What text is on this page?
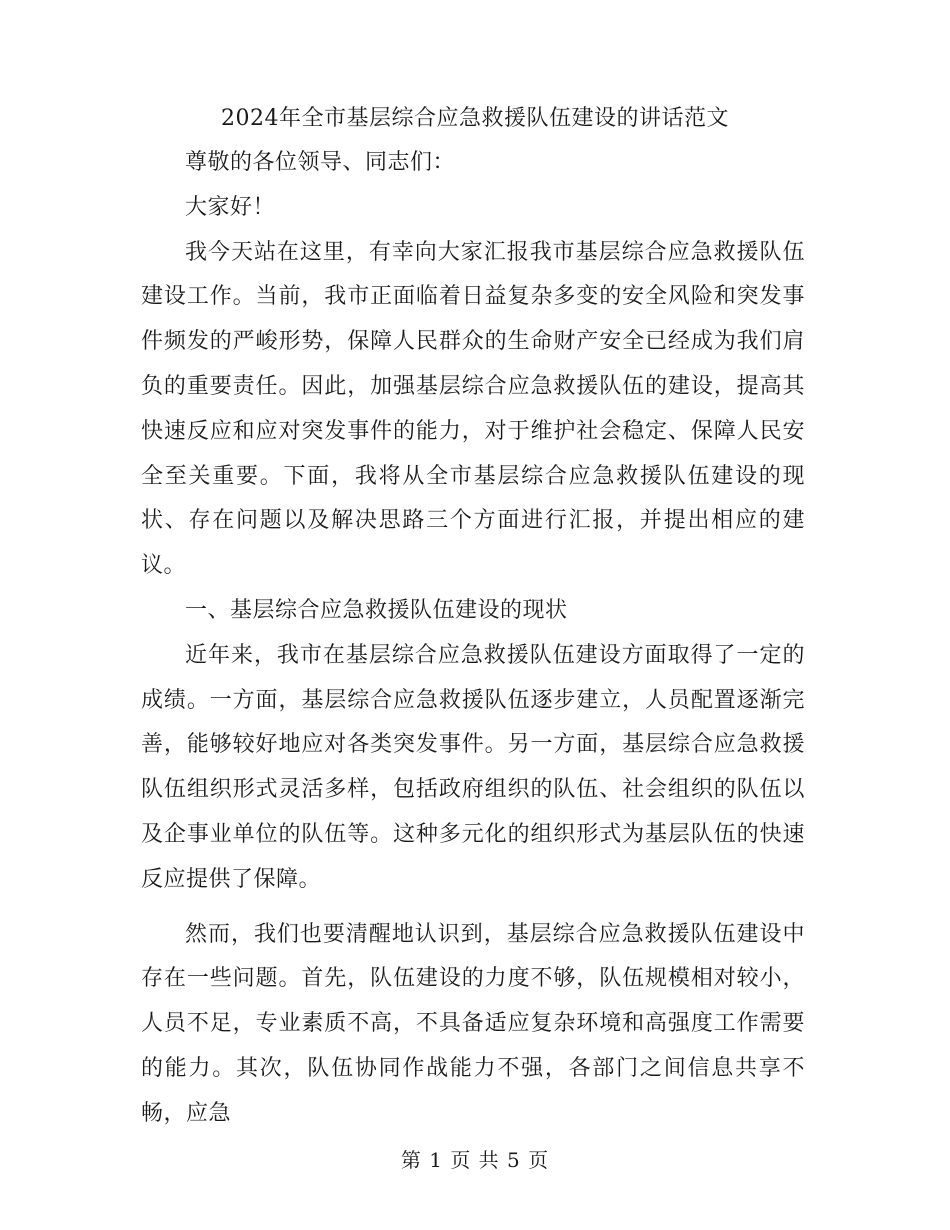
2024年全市基层综合应急救援队伍建设的讲话范文

尊敬的各位领导、同志们：

大家好！

我今天站在这里，有幸向大家汇报我市基层综合应急救援队伍建设工作。当前，我市正面临着日益复杂多变的安全风险和突发事件频发的严峻形势，保障人民群众的生命财产安全已经成为我们肩负的重要责任。因此，加强基层综合应急救援队伍的建设，提高其快速反应和应对突发事件的能力，对于维护社会稳定、保障人民安全至关重要。下面，我将从全市基层综合应急救援队伍建设的现状、存在问题以及解决思路三个方面进行汇报，并提出相应的建议。

一、基层综合应急救援队伍建设的现状

近年来，我市在基层综合应急救援队伍建设方面取得了一定的成绩。一方面，基层综合应急救援队伍逐步建立，人员配置逐渐完善，能够较好地应对各类突发事件。另一方面，基层综合应急救援队伍组织形式灵活多样，包括政府组织的队伍、社会组织的队伍以及企事业单位的队伍等。这种多元化的组织形式为基层队伍的快速反应提供了保障。

然而，我们也要清醒地认识到，基层综合应急救援队伍建设中存在一些问题。首先，队伍建设的力度不够，队伍规模相对较小，人员不足，专业素质不高，不具备适应复杂环境和高强度工作需要的能力。其次，队伍协同作战能力不强，各部门之间信息共享不畅，应急

第 1 页 共 5 页
